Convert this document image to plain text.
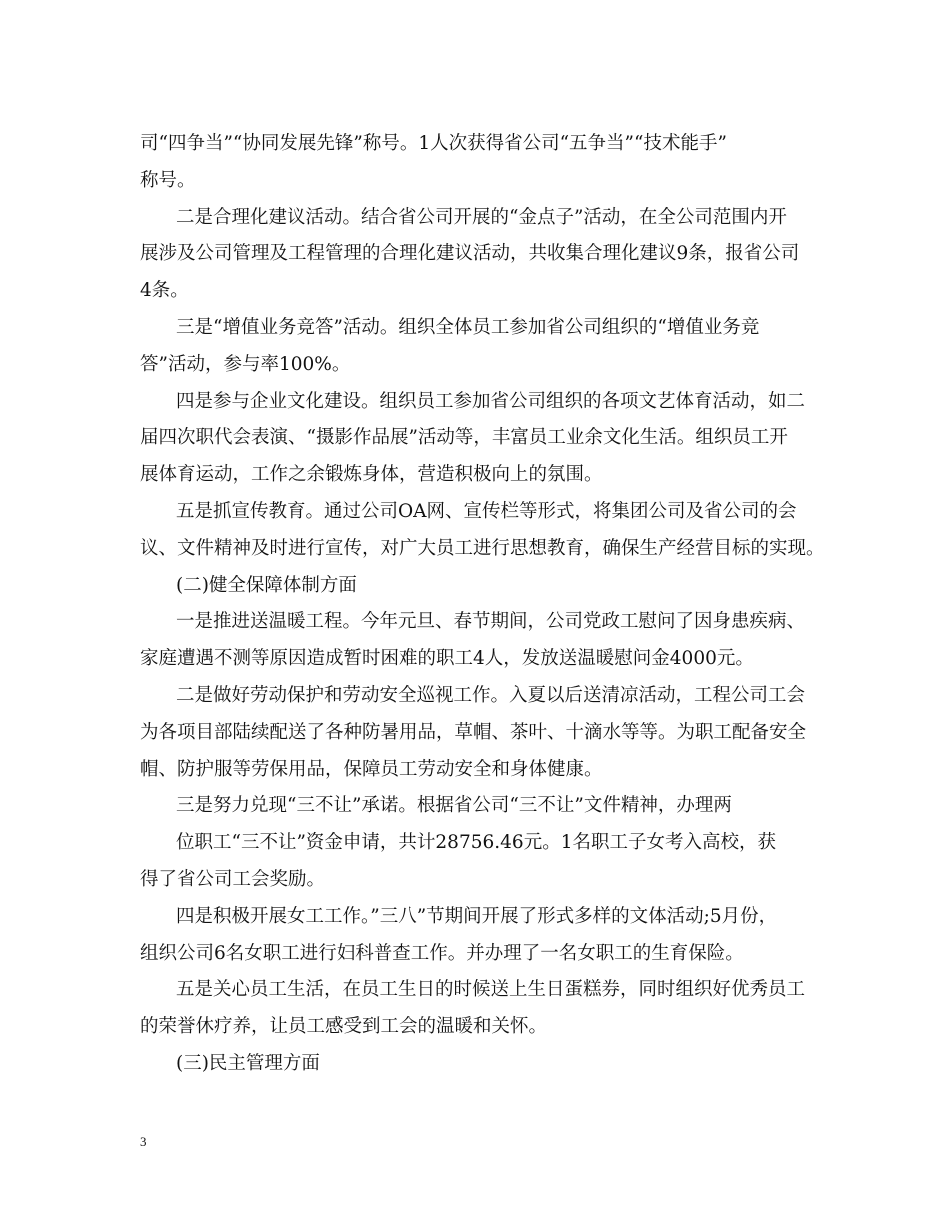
司“四争当”“协同发展先锋”称号。1人次获得省公司“五争当”“技术能手”
称号。
二是合理化建议活动。结合省公司开展的“金点子”活动，在全公司范围内开
展涉及公司管理及工程管理的合理化建议活动，共收集合理化建议9条，报省公司
4条。
三是“增值业务竞答”活动。组织全体员工参加省公司组织的“增值业务竞
答”活动，参与率100%。
四是参与企业文化建设。组织员工参加省公司组织的各项文艺体育活动，如二
届四次职代会表演、“摄影作品展”活动等，丰富员工业余文化生活。组织员工开
展体育运动，工作之余锻炼身体，营造积极向上的氛围。
五是抓宣传教育。通过公司OA网、宣传栏等形式，将集团公司及省公司的会
议、文件精神及时进行宣传，对广大员工进行思想教育，确保生产经营目标的实现。
(二)健全保障体制方面
一是推进送温暖工程。今年元旦、春节期间，公司党政工慰问了因身患疾病、
家庭遭遇不测等原因造成暂时困难的职工4人，发放送温暖慰问金4000元。
二是做好劳动保护和劳动安全巡视工作。入夏以后送清凉活动，工程公司工会
为各项目部陆续配送了各种防暑用品，草帽、茶叶、十滴水等等。为职工配备安全
帽、防护服等劳保用品，保障员工劳动安全和身体健康。
三是努力兑现“三不让”承诺。根据省公司“三不让”文件精神，办理两
位职工“三不让”资金申请，共计28756.46元。1名职工子女考入高校，获
得了省公司工会奖励。
四是积极开展女工工作。”三八”节期间开展了形式多样的文体活动;5月份，
组织公司6名女职工进行妇科普查工作。并办理了一名女职工的生育保险。
五是关心员工生活，在员工生日的时候送上生日蛋糕券，同时组织好优秀员工
的荣誉休疗养，让员工感受到工会的温暖和关怀。
(三)民主管理方面
3
